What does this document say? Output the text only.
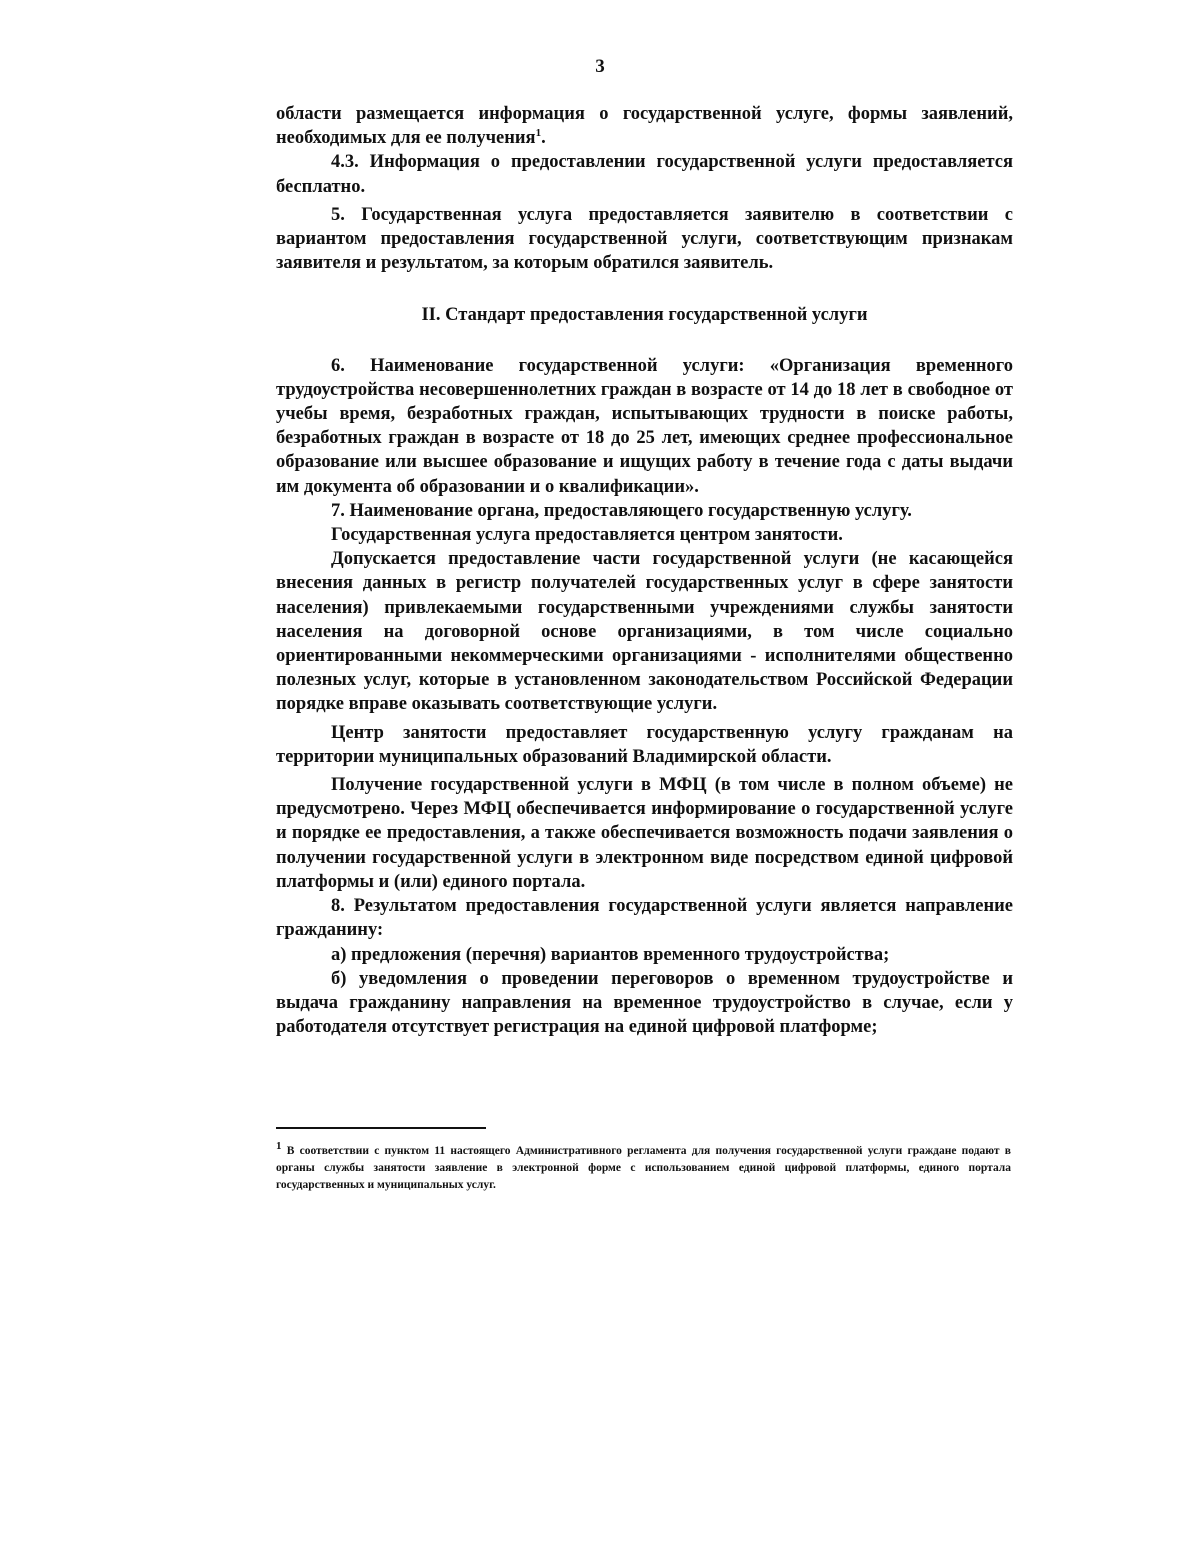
3

области размещается информация о государственной услуге, формы заявлений, необходимых для ее получения$^1$.

4.3. Информация о предоставлении государственной услуги предоставляется бесплатно.

5. Государственная услуга предоставляется заявителю в соответствии с вариантом предоставления государственной услуги, соответствующим признакам заявителя и результатом, за которым обратился заявитель.

II. Стандарт предоставления государственной услуги

6. Наименование государственной услуги: «Организация временного трудоустройства несовершеннолетних граждан в возрасте от 14 до 18 лет в свободное от учебы время, безработных граждан, испытывающих трудности в поиске работы, безработных граждан в возрасте от 18 до 25 лет, имеющих среднее профессиональное образование или высшее образование и ищущих работу в течение года с даты выдачи им документа об образовании и о квалификации».

7. Наименование органа, предоставляющего государственную услугу.

Государственная услуга предоставляется центром занятости.

Допускается предоставление части государственной услуги (не касающейся внесения данных в регистр получателей государственных услуг в сфере занятости населения) привлекаемыми государственными учреждениями службы занятости населения на договорной основе организациями, в том числе социально ориентированными некоммерческими организациями - исполнителями общественно полезных услуг, которые в установленном законодательством Российской Федерации порядке вправе оказывать соответствующие услуги.

Центр занятости предоставляет государственную услугу гражданам на территории муниципальных образований Владимирской области.

Получение государственной услуги в МФЦ (в том числе в полном объеме) не предусмотрено. Через МФЦ обеспечивается информирование о государственной услуге и порядке ее предоставления, а также обеспечивается возможность подачи заявления о получении государственной услуги в электронном виде посредством единой цифровой платформы и (или) единого портала.

8. Результатом предоставления государственной услуги является направление гражданину:

а) предложения (перечня) вариантов временного трудоустройства;

б) уведомления о проведении переговоров о временном трудоустройстве и выдача гражданину направления на временное трудоустройство в случае, если у работодателя отсутствует регистрация на единой цифровой платформе;

$^1$ В соответствии с пунктом 11 настоящего Административного регламента для получения государственной услуги граждане подают в органы службы занятости заявление в электронной форме с использованием единой цифровой платформы, единого портала государственных и муниципальных услуг.
